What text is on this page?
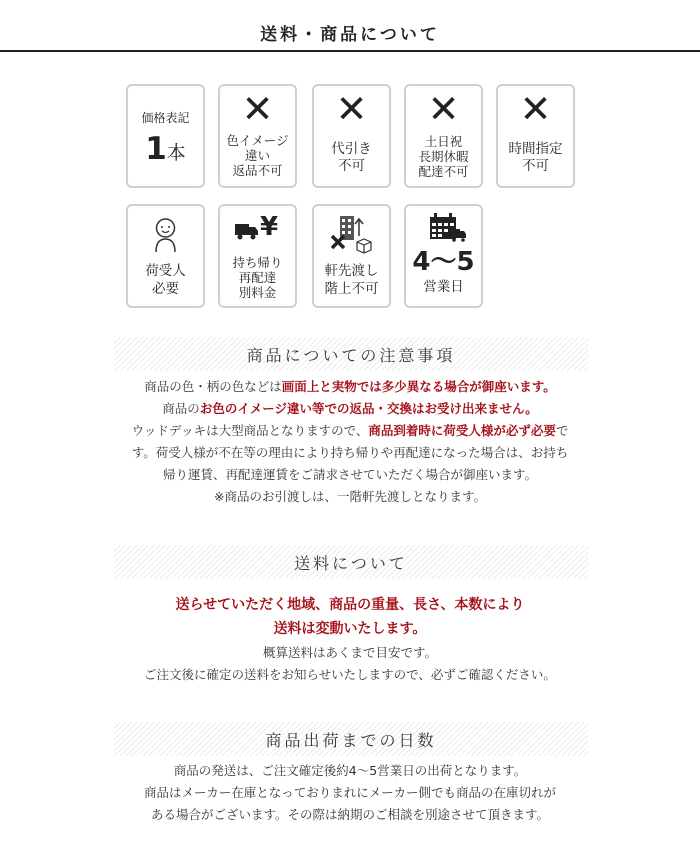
送料・商品について
価格表記
1本
✕
色イメージ
違い
返品不可
✕
代引き
不可
✕
土日祝
長期休暇
配達不可
✕
時間指定
不可
荷受人
必要
¥
持ち帰り
再配達
別料金
軒先渡し
階上不可
4〜5
営業日
商品についての注意事項
商品の色・柄の色などは画面上と実物では多少異なる場合が御座います。
商品のお色のイメージ違い等での返品・交換はお受け出来ません。
ウッドデッキは大型商品となりますので、商品到着時に荷受人様が必ず必要で
す。荷受人様が不在等の理由により持ち帰りや再配達になった場合は、お持ち
帰り運賃、再配達運賃をご請求させていただく場合が御座います。
※商品のお引渡しは、一階軒先渡しとなります。
送料について
送らせていただく地域、商品の重量、長さ、本数により
送料は変動いたします。
概算送料はあくまで目安です。
ご注文後に確定の送料をお知らせいたしますので、必ずご確認ください。
商品出荷までの日数
商品の発送は、ご注文確定後約4〜5営業日の出荷となります。
商品はメーカー在庫となっておりまれにメーカー側でも商品の在庫切れが
ある場合がございます。その際は納期のご相談を別途させて頂きます。
